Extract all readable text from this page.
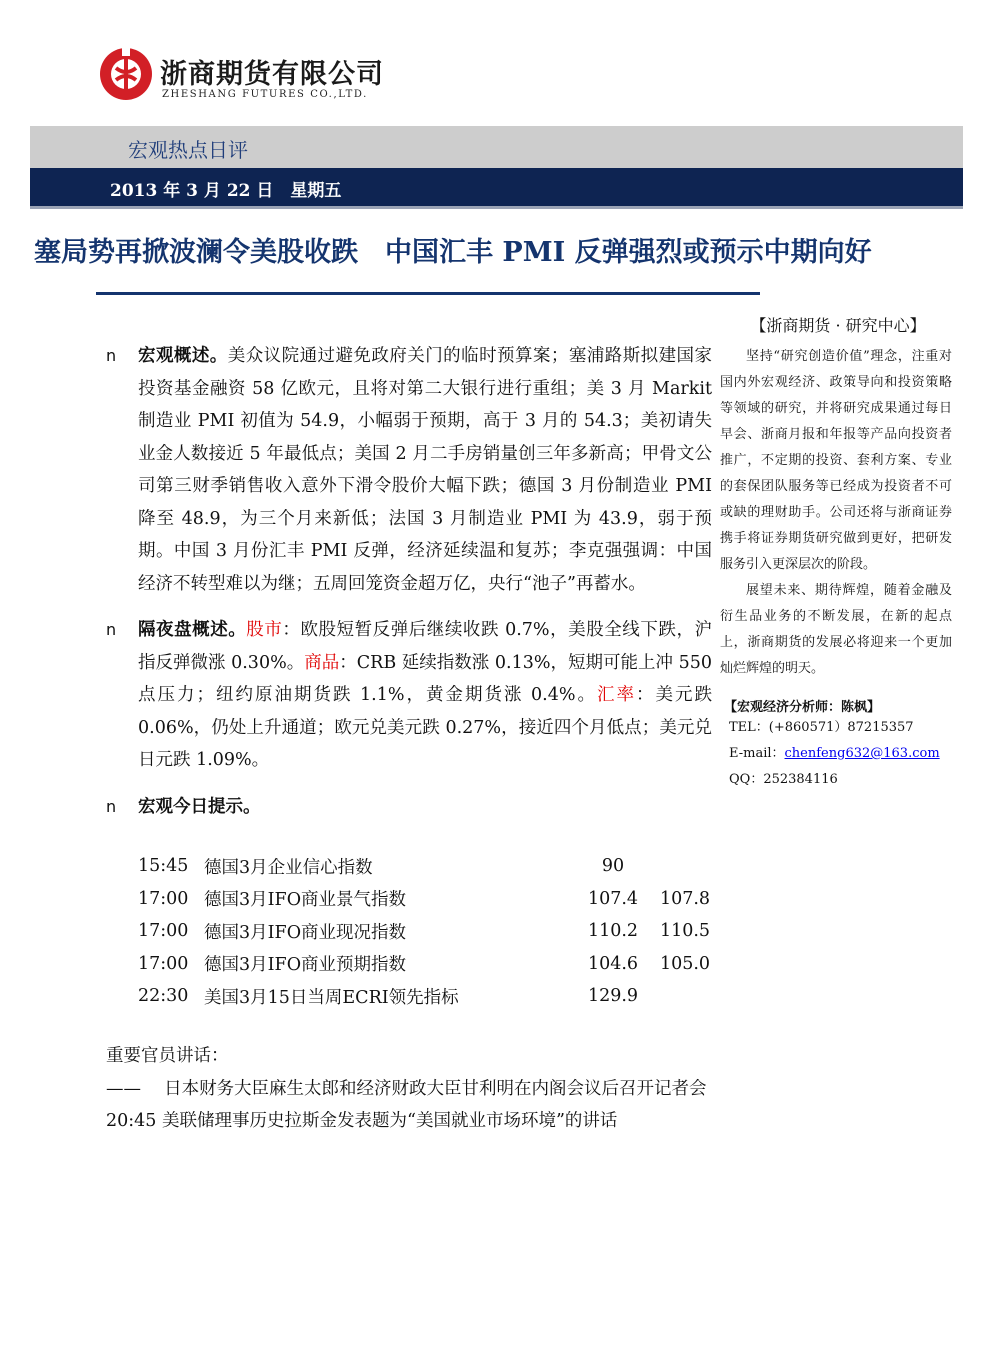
浙商期货有限公司
ZHESHANG FUTURES CO.,LTD.
宏观热点日评
2013 年 3 月 22 日　星期五
塞局势再掀波澜令美股收跌　中国汇丰 PMI 反弹强烈或预示中期向好
n 宏观概述。美众议院通过避免政府关门的临时预算案；塞浦路斯拟建国家投资基金融资 58 亿欧元，且将对第二大银行进行重组；美 3 月 Markit 制造业 PMI 初值为 54.9，小幅弱于预期，高于 3 月的 54.3；美初请失业金人数接近 5 年最低点；美国 2 月二手房销量创三年多新高；甲骨文公司第三财季销售收入意外下滑令股价大幅下跌；德国 3 月份制造业 PMI 降至 48.9，为三个月来新低；法国 3 月制造业 PMI 为 43.9，弱于预期。中国 3 月份汇丰 PMI 反弹，经济延续温和复苏；李克强强调：中国经济不转型难以为继；五周回笼资金超万亿，央行“池子”再蓄水。
n 隔夜盘概述。股市：欧股短暂反弹后继续收跌 0.7%，美股全线下跌，沪指反弹微涨 0.30%。商品：CRB 延续指数涨 0.13%，短期可能上冲 550 点压力；纽约原油期货跌 1.1%，黄金期货涨 0.4%。汇率：美元跌 0.06%，仍处上升通道；欧元兑美元跌 0.27%，接近四个月低点；美元兑日元跌 1.09%。
n 宏观今日提示。
15:45	德国3月企业信心指数	90	
17:00	德国3月IFO商业景气指数	107.4	107.8
17:00	德国3月IFO商业现况指数	110.2	110.5
17:00	德国3月IFO商业预期指数	104.6	105.0
22:30	美国3月15日当周ECRI领先指标	129.9	
重要官员讲话：
——　 日本财务大臣麻生太郎和经济财政大臣甘利明在内阁会议后召开记者会
20:45 美联储理事历史拉斯金发表题为“美国就业市场环境”的讲话
【浙商期货 · 研究中心】

坚持“研究创造价值”理念，注重对国内外宏观经济、政策导向和投资策略等领域的研究，并将研究成果通过每日早会、浙商月报和年报等产品向投资者推广，不定期的投资、套利方案、专业的套保团队服务等已经成为投资者不可或缺的理财助手。公司还将与浙商证券携手将证券期货研究做到更好，把研发服务引入更深层次的阶段。

展望未来、期待辉煌，随着金融及衍生品业务的不断发展，在新的起点上，浙商期货的发展必将迎来一个更加灿烂辉煌的明天。

【宏观经济分析师：陈枫】
TEL：(+860571）87215357
E-mail：chenfeng632@163.com
QQ：252384116
